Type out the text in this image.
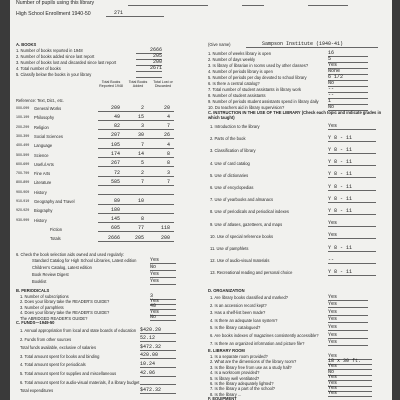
Number of pupils using this library
High School Enrollment 1940-50	271
A. BOOKS
1. Number of books reported in 1948	2666
2. Number of books added since last report	205
3. Number of books lost and discarded since last report	200
4. Total number of books	2671
5. Classify below the books in your library
Total Books Reported 1948
Total Books Added
Total Lost or Discarded
Reference: Text, Dict., etc.
000-099 General Works	209	2	20
100-199 Philosophy	49	15	4
200-299 Religion	82	3	7
300-399 Social Sciences	207	30	26
400-499 Language	105	7	4
500-599 Science	174	14	8
600-699 Useful Arts	267	5	8
700-799 Fine Arts	72	2	3
800-899 Literature	585	7	7
900-909 History
910-919 Geography and Travel	89	10
920-929 Biography	180
930-999 History	145	8
Fiction	605	77	118
Totals	2666	205	200
6. Check the book selection aids owned and used regularly:
Standard Catalog for High School Libraries, Latest edition	Yes
Children's Catalog, Latest edition	No
Book Review Digest	Yes
Booklist	Yes
B. PERIODICALS
1. Number of subscriptions	3
2. Does your library take the READER'S GUIDE?	Yes
3. Number of pamphlets	40
4. Does your library take the READER'S GUIDE?	Yes
The ABRIDGED READER'S GUIDE?	No
C. FUNDS—1949-50
1. Annual appropriation from local and state boards of education $420.20
2. Funds from other sources	52.12
Total funds available, exclusive of salaries	$472.32
3. Total amount spent for books and binding	420.00
4. Total amount spent for periodicals	10.24
5. Total amount spent for supplies and miscellaneous	42.06
6. Total amount spent for audio-visual materials, if a library budget
Total expenditures	$472.32
(Give name)	Sampson Institute (1940-41)
1. Number of weeks library is open	16
2. Number of days weekly	5
3. Is library of librarian in rooms used by other classes?	Yes
4. Number of periods library is open	None
5. Number of periods per day devoted to school library	6 1/2
6. Is there a central catalog?	No
7. Total number of student assistants in library work	--
8. Number of student assistants	--
9. Number of periods student assistants spend in library daily 1
10. Do teachers aid in library supervision?	No
C. INSTRUCTION IN THE USE OF THE LIBRARY (Check each topic and indicate grades in which taught)
1. Introduction to the library	Yes
2. Parts of the book	Y 8 - 11
3. Classification of library	Y 8 - 11
4. Use of card catalog	Y 8 - 11
5. Use of dictionaries	Y 8 - 11
6. Use of encyclopedias	Y 8 - 11
7. Use of yearbooks and almanacs	Y 8 - 11
8. Use of periodicals and periodical indexes	Y 8 - 11
9. Use of atlases, gazetteers, and maps	Yes
10. Use of special reference books	Yes
11. Use of pamphlets	Y 8 - 11
12. Use of audio-visual materials	--
13. Recreational reading and personal choice	Y 8 - 11
D. ORGANIZATION
1. Are library books classified and marked?	Yes
2. Is an accession record kept?	Yes
3. Has a shelf-list been made?	Yes
4. Is there an adequate loan system?	Yes
5. Is the library catalogued?	Yes
6. Are books indexes of magazines consistently accessible? Yes
7. Is there an organized information and picture file?	Yes
E. LIBRARY ROOM
1. Is a separate room provided?	Yes
2. What are the dimensions of the library room?	18 x 30 ft.
3. Is the library free from use as a study hall?	Yes
4. Is a workroom provided?	No
5. Is library well ventilated?	Yes
6. Is the library adequately lighted?	Yes
7. Is the library a part of the school?	Yes
8. Is the library ...	Yes
F. EQUIPMENT
